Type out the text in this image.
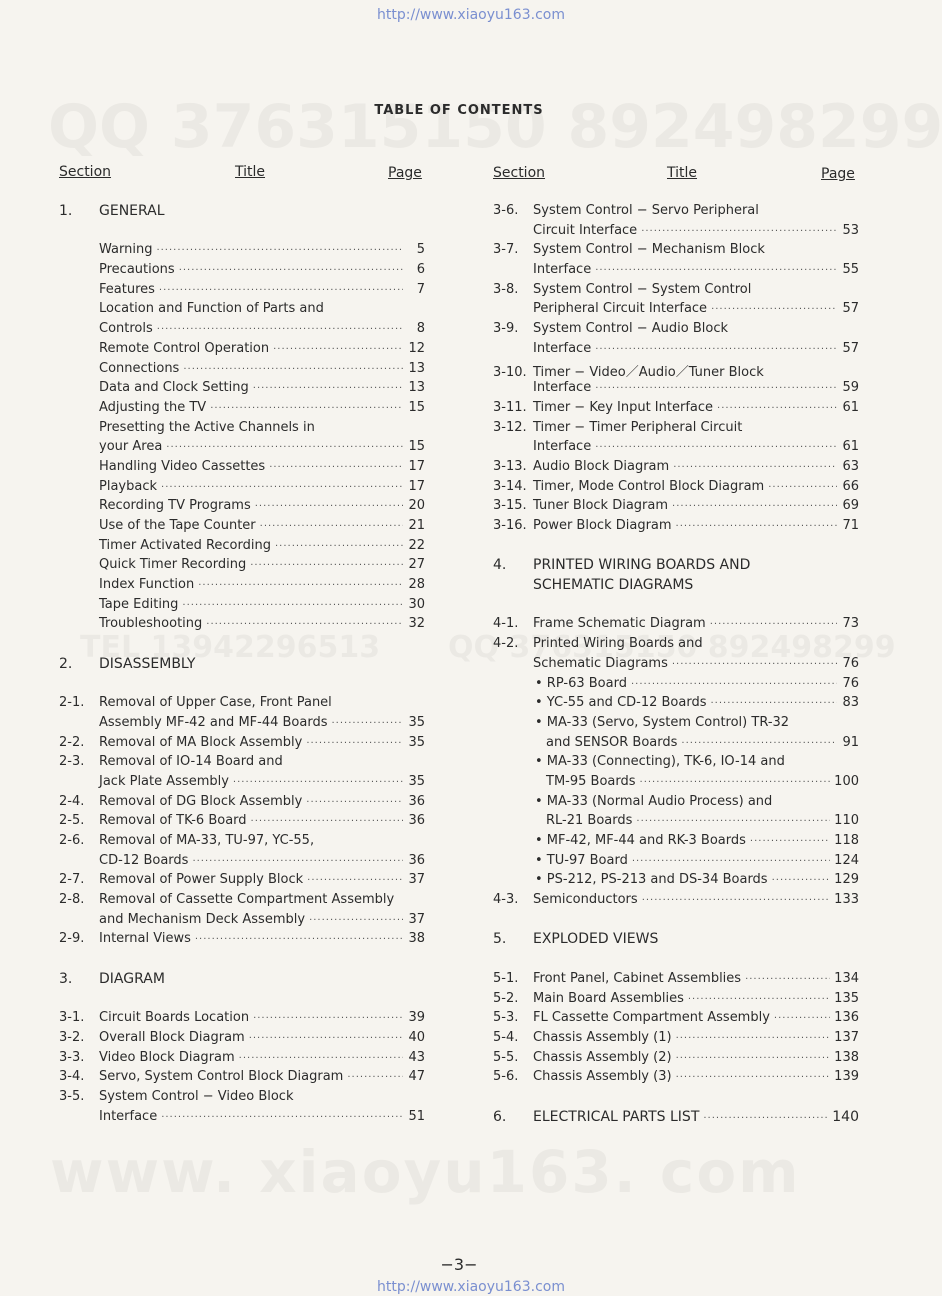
http://www.xiaoyu163.com
TABLE OF CONTENTS
Section	Title	Page	Section	Title	Page
1.	GENERAL
Warning ·····	5
Precautions ·····	6
Features ·····	7
Location and Function of Parts and
Controls ·····	8
Remote Control Operation ·····	12
Connections ·····	13
Data and Clock Setting ·····	13
Adjusting the TV ·····	15
Presetting the Active Channels in
your Area ·····	15
Handling Video Cassettes ·····	17
Playback ·····	17
Recording TV Programs ·····	20
Use of the Tape Counter ·····	21
Timer Activated Recording ·····	22
Quick Timer Recording ·····	27
Index Function ·····	28
Tape Editing ·····	30
Troubleshooting ·····	32
2.	DISASSEMBLY
2-1.	Removal of Upper Case, Front Panel
Assembly MF-42 and MF-44 Boards ·····	35
2-2.	Removal of MA Block Assembly ·····	35
2-3.	Removal of IO-14 Board and
Jack Plate Assembly ·····	35
2-4.	Removal of DG Block Assembly ·····	36
2-5.	Removal of TK-6 Board ·····	36
2-6.	Removal of MA-33, TU-97, YC-55,
CD-12 Boards ·····	36
2-7.	Removal of Power Supply Block ·····	37
2-8.	Removal of Cassette Compartment Assembly
and Mechanism Deck Assembly ·····	37
2-9.	Internal Views ·····	38
3.	DIAGRAM
3-1.	Circuit Boards Location ·····	39
3-2.	Overall Block Diagram ·····	40
3-3.	Video Block Diagram ·····	43
3-4.	Servo, System Control Block Diagram ·····	47
3-5.	System Control − Video Block
Interface ·····	51
3-6.	System Control − Servo Peripheral
Circuit Interface ·····	53
3-7.	System Control − Mechanism Block
Interface ·····	55
3-8.	System Control − System Control
Peripheral Circuit Interface ·····	57
3-9.	System Control − Audio Block
Interface ·····	57
3-10. Timer − Video／Audio／Tuner Block
Interface ·····	59
3-11. Timer − Key Input Interface ·····	61
3-12. Timer − Timer Peripheral Circuit
Interface ·····	61
3-13. Audio Block Diagram ·····	63
3-14. Timer, Mode Control Block Diagram ·····	66
3-15. Tuner Block Diagram ·····	69
3-16. Power Block Diagram ·····	71
4.	PRINTED WIRING BOARDS AND
SCHEMATIC DIAGRAMS
4-1.	Frame Schematic Diagram ·····	73
4-2.	Printed Wiring Boards and
Schematic Diagrams ·····	76
• RP-63 Board ·····	76
• YC-55 and CD-12 Boards ·····	83
• MA-33 (Servo, System Control) TR-32
and SENSOR Boards ·····	91
• MA-33 (Connecting), TK-6, IO-14 and
TM-95 Boards ·····	100
• MA-33 (Normal Audio Process) and
RL-21 Boards ·····	110
• MF-42, MF-44 and RK-3 Boards ·····	118
• TU-97 Board ·····	124
• PS-212, PS-213 and DS-34 Boards ·····	129
4-3.	Semiconductors ·····	133
5.	EXPLODED VIEWS
5-1.	Front Panel, Cabinet Assemblies ·····	134
5-2.	Main Board Assemblies ·····	135
5-3.	FL Cassette Compartment Assembly ·····	136
5-4.	Chassis Assembly (1) ·····	137
5-5.	Chassis Assembly (2) ·····	138
5-6.	Chassis Assembly (3) ·····	139
6.	ELECTRICAL PARTS LIST ·····	140
−3−
http://www.xiaoyu163.com
